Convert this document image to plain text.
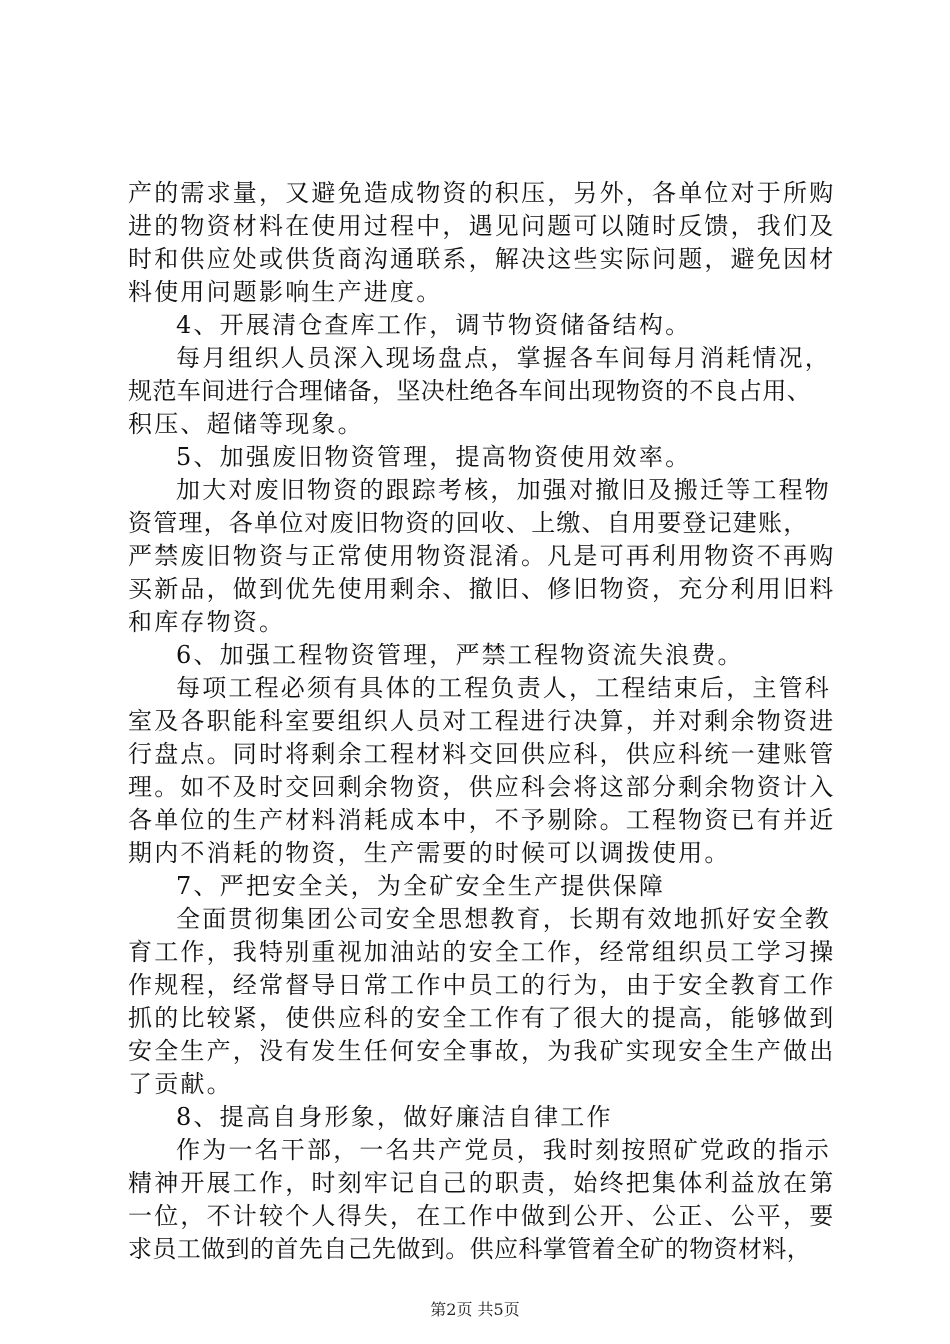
产的需求量，又避免造成物资的积压，另外，各单位对于所购
进的物资材料在使用过程中，遇见问题可以随时反馈，我们及
时和供应处或供货商沟通联系，解决这些实际问题，避免因材
料使用问题影响生产进度。
4、开展清仓查库工作，调节物资储备结构。
每月组织人员深入现场盘点，掌握各车间每月消耗情况，
规范车间进行合理储备，坚决杜绝各车间出现物资的不良占用、
积压、超储等现象。
5、加强废旧物资管理，提高物资使用效率。
加大对废旧物资的跟踪考核，加强对撤旧及搬迁等工程物
资管理，各单位对废旧物资的回收、上缴、自用要登记建账，
严禁废旧物资与正常使用物资混淆。凡是可再利用物资不再购
买新品，做到优先使用剩余、撤旧、修旧物资，充分利用旧料
和库存物资。
6、加强工程物资管理，严禁工程物资流失浪费。
每项工程必须有具体的工程负责人，工程结束后，主管科
室及各职能科室要组织人员对工程进行决算，并对剩余物资进
行盘点。同时将剩余工程材料交回供应科，供应科统一建账管
理。如不及时交回剩余物资，供应科会将这部分剩余物资计入
各单位的生产材料消耗成本中，不予剔除。工程物资已有并近
期内不消耗的物资，生产需要的时候可以调拨使用。
7、严把安全关，为全矿安全生产提供保障
全面贯彻集团公司安全思想教育，长期有效地抓好安全教
育工作，我特别重视加油站的安全工作，经常组织员工学习操
作规程，经常督导日常工作中员工的行为，由于安全教育工作
抓的比较紧，使供应科的安全工作有了很大的提高，能够做到
安全生产，没有发生任何安全事故，为我矿实现安全生产做出
了贡献。
8、提高自身形象，做好廉洁自律工作
作为一名干部，一名共产党员，我时刻按照矿党政的指示
精神开展工作，时刻牢记自己的职责，始终把集体利益放在第
一位，不计较个人得失，在工作中做到公开、公正、公平，要
求员工做到的首先自己先做到。供应科掌管着全矿的物资材料，
第2页 共5页
